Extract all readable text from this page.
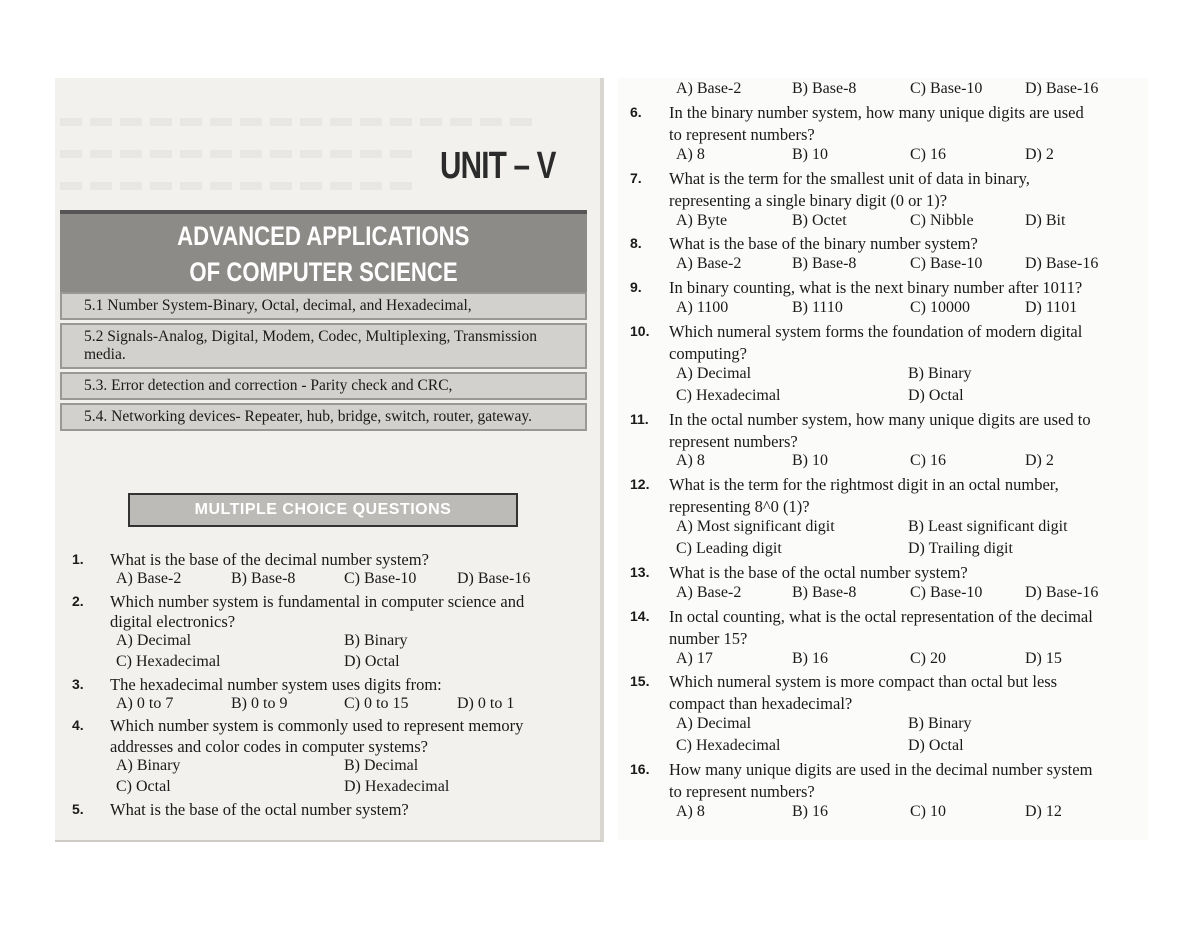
UNIT – V
ADVANCED APPLICATIONS
OF COMPUTER SCIENCE
5.1 Number System-Binary, Octal, decimal, and Hexadecimal,
5.2 Signals-Analog, Digital, Modem, Codec, Multiplexing, Transmission media.
5.3. Error detection and correction - Parity check and CRC,
5.4. Networking devices- Repeater, hub, bridge, switch, router, gateway.
MULTIPLE CHOICE QUESTIONS
1. What is the base of the decimal number system?
A) Base-2	B) Base-8	C) Base-10	D) Base-16
2. Which number system is fundamental in computer science and
digital electronics?
A) Decimal	B) Binary
C) Hexadecimal	D) Octal
3. The hexadecimal number system uses digits from:
A) 0 to 7	B) 0 to 9	C) 0 to 15	D) 0 to 1
4. Which number system is commonly used to represent memory
addresses and color codes in computer systems?
A) Binary	B) Decimal
C) Octal	D) Hexadecimal
5. What is the base of the octal number system?
A) Base-2	B) Base-8	C) Base-10	D) Base-16
6. In the binary number system, how many unique digits are used
to represent numbers?
A) 8	B) 10	C) 16	D) 2
7. What is the term for the smallest unit of data in binary,
representing a single binary digit (0 or 1)?
A) Byte	B) Octet	C) Nibble	D) Bit
8. What is the base of the binary number system?
A) Base-2	B) Base-8	C) Base-10	D) Base-16
9. In binary counting, what is the next binary number after 1011?
A) 1100	B) 1110	C) 10000	D) 1101
10. Which numeral system forms the foundation of modern digital
computing?
A) Decimal	B) Binary
C) Hexadecimal	D) Octal
11. In the octal number system, how many unique digits are used to
represent numbers?
A) 8	B) 10	C) 16	D) 2
12. What is the term for the rightmost digit in an octal number,
representing 8^0 (1)?
A) Most significant digit	B) Least significant digit
C) Leading digit	D) Trailing digit
13. What is the base of the octal number system?
A) Base-2	B) Base-8	C) Base-10	D) Base-16
14. In octal counting, what is the octal representation of the decimal
number 15?
A) 17	B) 16	C) 20	D) 15
15. Which numeral system is more compact than octal but less
compact than hexadecimal?
A) Decimal	B) Binary
C) Hexadecimal	D) Octal
16. How many unique digits are used in the decimal number system
to represent numbers?
A) 8	B) 16	C) 10	D) 12
